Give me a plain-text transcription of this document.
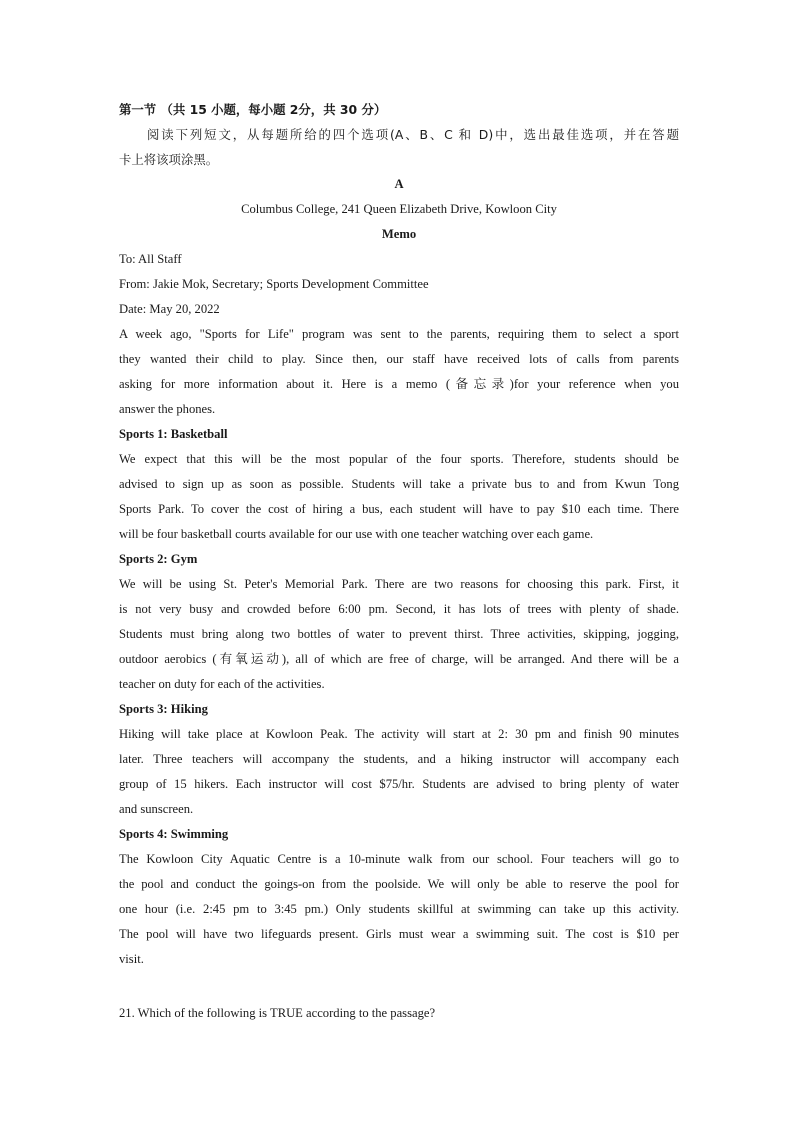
第一节 （共 15 小题，每小题 2分，共 30 分）
阅读下列短文，从每题所给的四个选项(A、B、C 和 D)中，选出最佳选项，并在答题
卡上将该项涂黑。
A
Columbus College, 241 Queen Elizabeth Drive, Kowloon City
Memo
To: All Staff
From: Jakie Mok, Secretary; Sports Development Committee
Date: May 20, 2022
A week ago, "Sports for Life" program was sent to the parents, requiring them to select a sport
they wanted their child to play. Since then, our staff have received lots of calls from parents
asking for more information about it. Here is a memo (备忘录)for your reference when you
answer the phones.
Sports 1: Basketball
We expect that this will be the most popular of the four sports. Therefore, students should be
advised to sign up as soon as possible. Students will take a private bus to and from Kwun Tong
Sports Park. To cover the cost of hiring a bus, each student will have to pay $10 each time. There
will be four basketball courts available for our use with one teacher watching over each game.
Sports 2: Gym
We will be using St. Peter's Memorial Park. There are two reasons for choosing this park. First, it
is not very busy and crowded before 6:00 pm. Second, it has lots of trees with plenty of shade.
Students must bring along two bottles of water to prevent thirst. Three activities, skipping, jogging,
outdoor aerobics (有氧运动), all of which are free of charge, will be arranged. And there will be a
teacher on duty for each of the activities.
Sports 3: Hiking
Hiking will take place at Kowloon Peak. The activity will start at 2: 30 pm and finish 90 minutes
later. Three teachers will accompany the students, and a hiking instructor will accompany each
group of 15 hikers. Each instructor will cost $75/hr. Students are advised to bring plenty of water
and sunscreen.
Sports 4: Swimming
The Kowloon City Aquatic Centre is a 10-minute walk from our school. Four teachers will go to
the pool and conduct the goings-on from the poolside. We will only be able to reserve the pool for
one hour (i.e. 2:45 pm to 3:45 pm.) Only students skillful at swimming can take up this activity.
The pool will have two lifeguards present. Girls must wear a swimming suit. The cost is $10 per
visit.
21. Which of the following is TRUE according to the passage?
